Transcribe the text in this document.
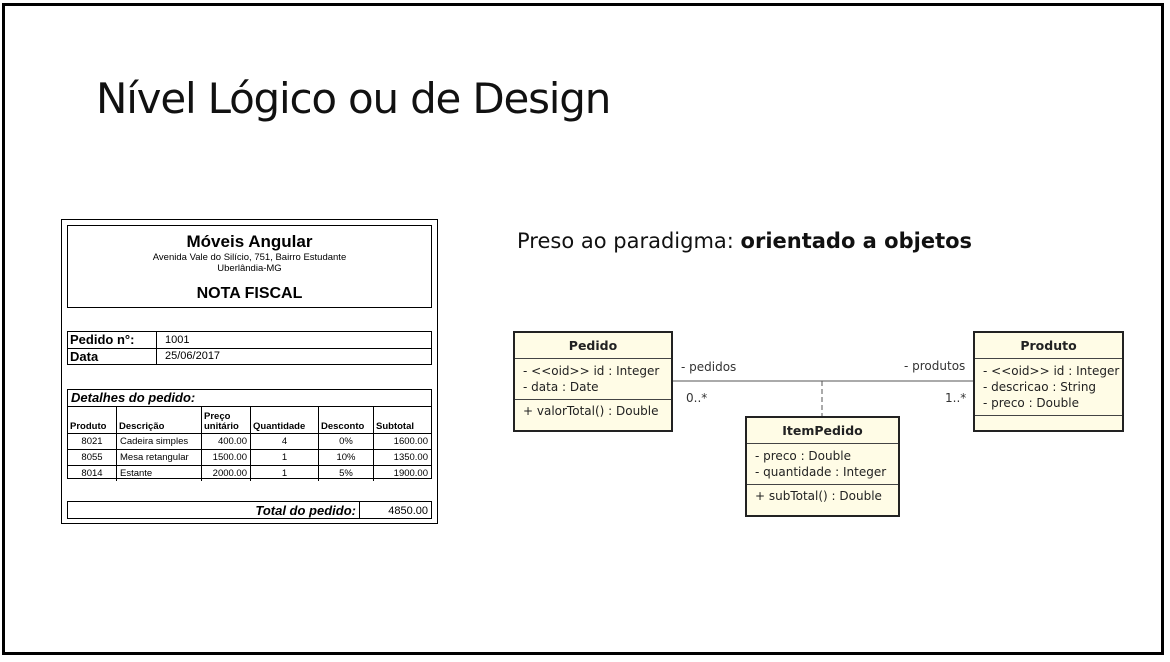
Nível Lógico ou de Design
Preso ao paradigma: orientado a objetos
Móveis Angular
Avenida Vale do Silício, 751, Bairro Estudante
Uberlândia-MG
NOTA FISCAL
Pedido n°:	1001
Data	25/06/2017
Detalhes do pedido:
Produto	Descrição	Preço unitário	Quantidade	Desconto	Subtotal
8021	Cadeira simples	400.00	4	0%	1600.00
8055	Mesa retangular	1500.00	1	10%	1350.00
8014	Estante	2000.00	1	5%	1900.00
Total do pedido:	4850.00
- pedidos	- produtos
0..*	1..*
Pedido
- <<oid>> id : Integer
- data : Date
+ valorTotal() : Double
Produto
- <<oid>> id : Integer
- descricao : String
- preco : Double
ItemPedido
- preco : Double
- quantidade : Integer
+ subTotal() : Double
